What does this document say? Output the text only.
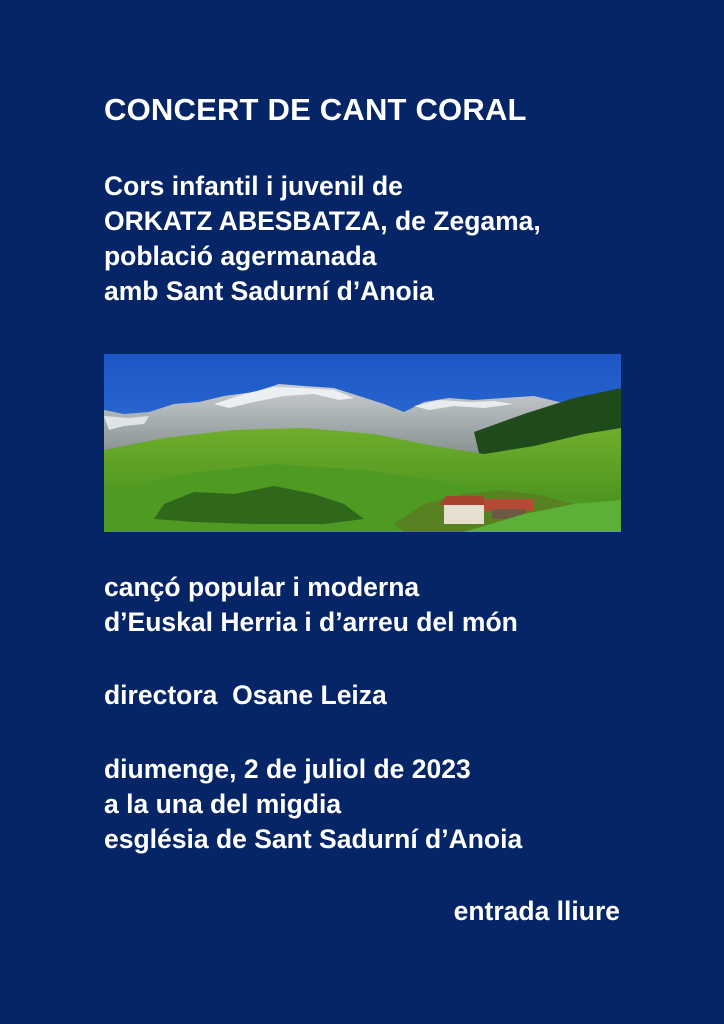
CONCERT DE CANT CORAL
Cors infantil i juvenil de
ORKATZ ABESBATZA, de Zegama,
població agermanada
amb Sant Sadurní d’Anoia
cançó popular i moderna
d’Euskal Herria i d’arreu del món
directora  Osane Leiza
diumenge, 2 de juliol de 2023
a la una del migdia
església de Sant Sadurní d’Anoia
entrada lliure
